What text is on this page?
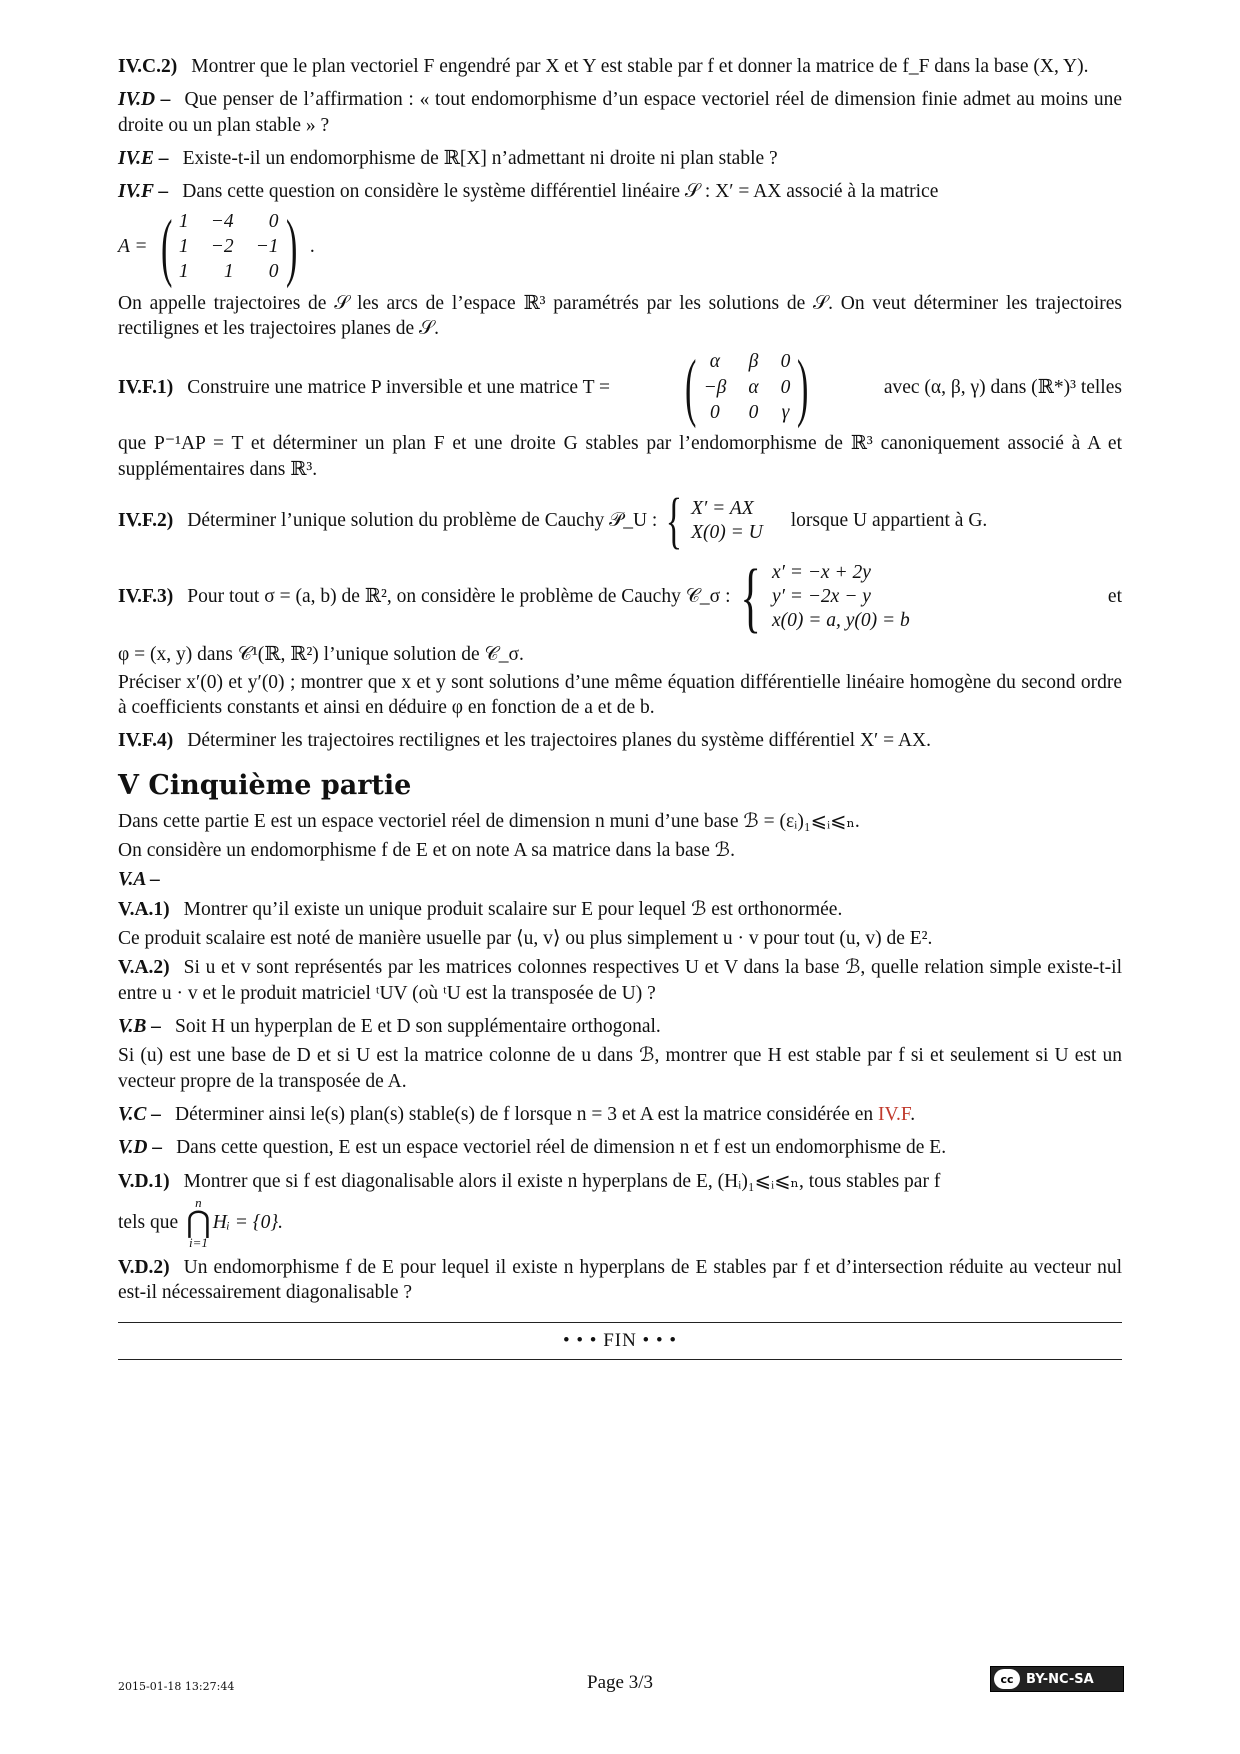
IV.C.2) Montrer que le plan vectoriel F engendré par X et Y est stable par f et donner la matrice de f_F dans la base (X, Y).

IV.D – Que penser de l’affirmation : « tout endomorphisme d’un espace vectoriel réel de dimension finie admet au moins une droite ou un plan stable » ?

IV.E – Existe-t-il un endomorphisme de ℝ[X] n’admettant ni droite ni plan stable ?

IV.F – Dans cette question on considère le système différentiel linéaire 𝒮 : X′ = AX associé à la matrice

A = ( 1 −4	0
1 −2 −1
1	1	0 ) .

On appelle trajectoires de 𝒮 les arcs de l’espace ℝ³ paramétrés par les solutions de 𝒮. On veut déterminer les trajectoires rectilignes et les trajectoires planes de 𝒮.

IV.F.1) Construire une matrice P inversible et une matrice T = ( α	β 0
−β α 0
0	0 γ )	avec (α, β, γ) dans (ℝ*)³ telles

que P⁻¹AP = T et déterminer un plan F et une droite G stables par l’endomorphisme de ℝ³ canoniquement associé à A et supplémentaires dans ℝ³.

IV.F.2) Déterminer l’unique solution du problème de Cauchy 𝒫_U : { X′ = AX
X(0) = U
lorsque U appartient à G.
IV.F.3) Pour tout σ = (a, b) de ℝ², on considère le problème de Cauchy 𝒞_σ : { x′ = −x + 2y
y′ = −2x − y
x(0) = a, y(0) = b
et

φ = (x, y) dans 𝒞¹(ℝ, ℝ²) l’unique solution de 𝒞_σ.

Préciser x′(0) et y′(0) ; montrer que x et y sont solutions d’une même équation différentielle linéaire homogène du second ordre à coefficients constants et ainsi en déduire φ en fonction de a et de b.

IV.F.4) Déterminer les trajectoires rectilignes et les trajectoires planes du système différentiel X′ = AX.

V Cinquième partie

Dans cette partie E est un espace vectoriel réel de dimension n muni d’une base ℬ = (εᵢ)₁⩽ᵢ⩽ₙ.

On considère un endomorphisme f de E et on note A sa matrice dans la base ℬ.

V.A –

V.A.1) Montrer qu’il existe un unique produit scalaire sur E pour lequel ℬ est orthonormée.

Ce produit scalaire est noté de manière usuelle par ⟨u, v⟩ ou plus simplement u · v pour tout (u, v) de E².

V.A.2) Si u et v sont représentés par les matrices colonnes respectives U et V dans la base ℬ, quelle relation simple existe-t-il entre u · v et le produit matriciel ᵗUV (où ᵗU est la transposée de U) ?

V.B – Soit H un hyperplan de E et D son supplémentaire orthogonal.

Si (u) est une base de D et si U est la matrice colonne de u dans ℬ, montrer que H est stable par f si et seulement si U est un vecteur propre de la transposée de A.

V.C – Déterminer ainsi le(s) plan(s) stable(s) de f lorsque n = 3 et A est la matrice considérée en IV.F.

V.D – Dans cette question, E est un espace vectoriel réel de dimension n et f est un endomorphisme de E.

V.D.1) Montrer que si f est diagonalisable alors il existe n hyperplans de E, (Hᵢ)₁⩽ᵢ⩽ₙ, tous stables par f

tels que
n
⋂
i=1
Hᵢ = {0}.

V.D.2) Un endomorphisme f de E pour lequel il existe n hyperplans de E stables par f et d’intersection réduite au vecteur nul est-il nécessairement diagonalisable ?

• • • FIN • • •
2015-01-18 13:27:44	Page 3/3	cc BY-NC-SA
